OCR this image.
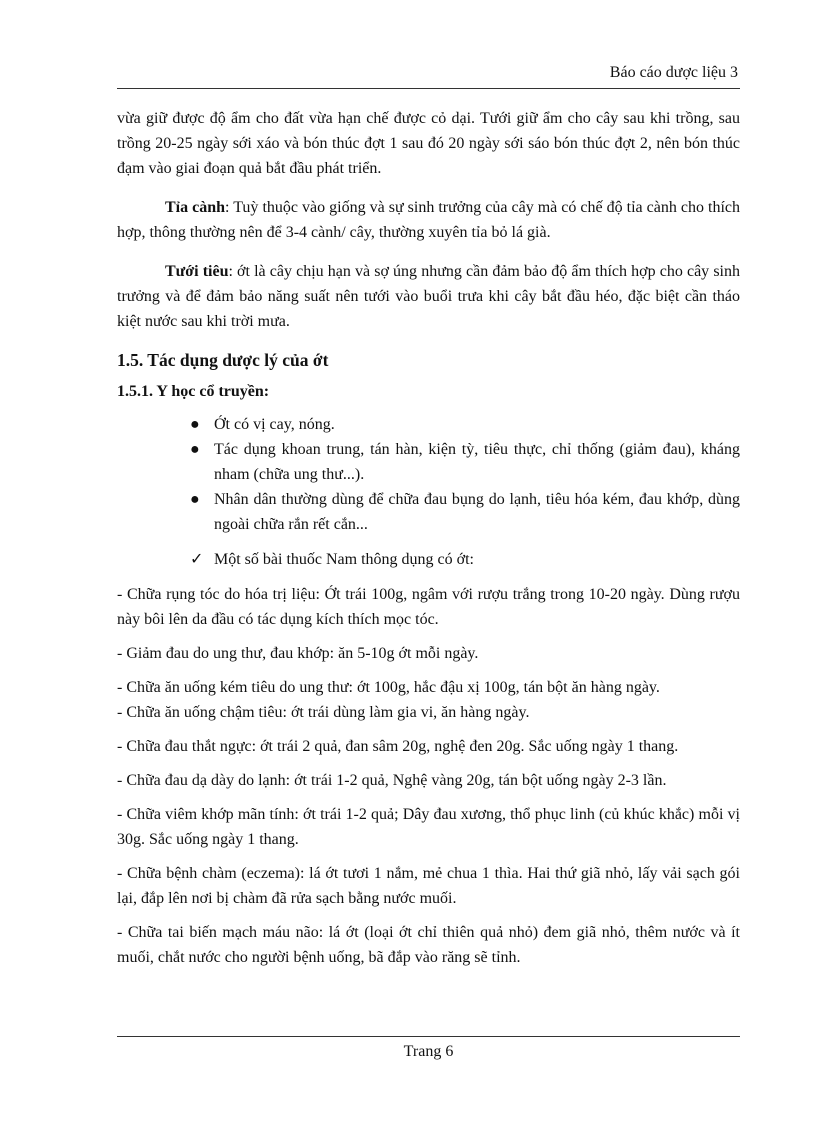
Báo cáo dược liệu 3

vừa giữ được độ ẩm cho đất vừa hạn chế được cỏ dại. Tưới giữ ẩm cho cây sau khi trồng, sau trồng 20-25 ngày sới xáo và bón thúc đợt 1 sau đó 20 ngày sới sáo bón thúc đợt 2, nên bón thúc đạm vào giai đoạn quả bắt đầu phát triển.

Tỉa cành: Tuỳ thuộc vào giống và sự sinh trưởng của cây mà có chế độ tỉa cành cho thích hợp, thông thường nên để 3-4 cành/ cây, thường xuyên tỉa bỏ lá già.

Tưới tiêu: ớt là cây chịu hạn và sợ úng nhưng cần đảm bảo độ ẩm thích hợp cho cây sinh trưởng và để đảm bảo năng suất nên tưới vào buổi trưa khi cây bắt đầu héo, đặc biệt cần tháo kiệt nước sau khi trời mưa.

1.5. Tác dụng dược lý của ớt
1.5.1. Y học cổ truyền:
● Ớt có vị cay, nóng.
● Tác dụng khoan trung, tán hàn, kiện tỳ, tiêu thực, chỉ thống (giảm đau), kháng nham (chữa ung thư...).
● Nhân dân thường dùng để chữa đau bụng do lạnh, tiêu hóa kém, đau khớp, dùng ngoài chữa rắn rết cắn...
✓ Một số bài thuốc Nam thông dụng có ớt:

- Chữa rụng tóc do hóa trị liệu: Ớt trái 100g, ngâm với rượu trắng trong 10-20 ngày. Dùng rượu này bôi lên da đầu có tác dụng kích thích mọc tóc.

- Giảm đau do ung thư, đau khớp: ăn 5-10g ớt mỗi ngày.

- Chữa ăn uống kém tiêu do ung thư: ớt 100g, hắc đậu xị 100g, tán bột ăn hàng ngày.

- Chữa ăn uống chậm tiêu: ớt trái dùng làm gia vi, ăn hàng ngày.

- Chữa đau thắt ngực: ớt trái 2 quả, đan sâm 20g, nghệ đen 20g. Sắc uống ngày 1 thang.

- Chữa đau dạ dày do lạnh: ớt trái 1-2 quả, Nghệ vàng 20g, tán bột uống ngày 2-3 lần.

- Chữa viêm khớp mãn tính: ớt trái 1-2 quả; Dây đau xương, thổ phục linh (củ khúc khắc) mỗi vị 30g. Sắc uống ngày 1 thang.

- Chữa bệnh chàm (eczema): lá ớt tươi 1 nắm, mẻ chua 1 thìa. Hai thứ giã nhỏ, lấy vải sạch gói lại, đắp lên nơi bị chàm đã rửa sạch bằng nước muối.

- Chữa tai biến mạch máu não: lá ớt (loại ớt chỉ thiên quả nhỏ) đem giã nhỏ, thêm nước và ít muối, chắt nước cho người bệnh uống, bã đắp vào răng sẽ tỉnh.

Trang 6
